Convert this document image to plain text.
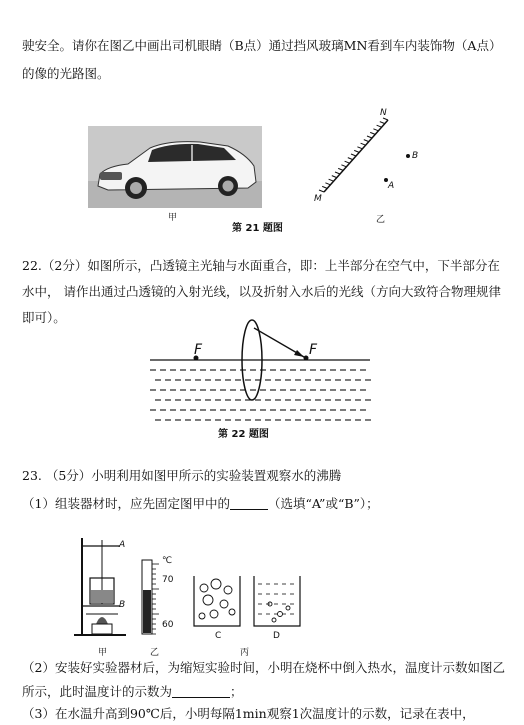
驶安全。请你在图乙中画出司机眼睛（B点）通过挡风玻璃MN看到车内装饰物（A点）
的像的光路图。
甲
N
M
B
A
乙
第 21 题图
22.（2分）如图所示，凸透镜主光轴与水面重合，即：上半部分在空气中，下半部分在
水中， 请作出通过凸透镜的入射光线，以及折射入水后的光线（方向大致符合物理规律
即可）。
F	F
第 22 题图
23. （5分）小明利用如图甲所示的实验装置观察水的沸腾
（1）组装器材时，应先固定图甲中的	（选填“A”或“B”）；
A
B
甲
℃
70
60
乙
C	D
丙
（2）安装好实验器材后，为缩短实验时间，小明在烧杯中倒入热水，温度计示数如图乙
所示，此时温度计的示数为	；
（3）在水温升高到90℃后，小明每隔1min观察1次温度计的示数，记录在表中，
